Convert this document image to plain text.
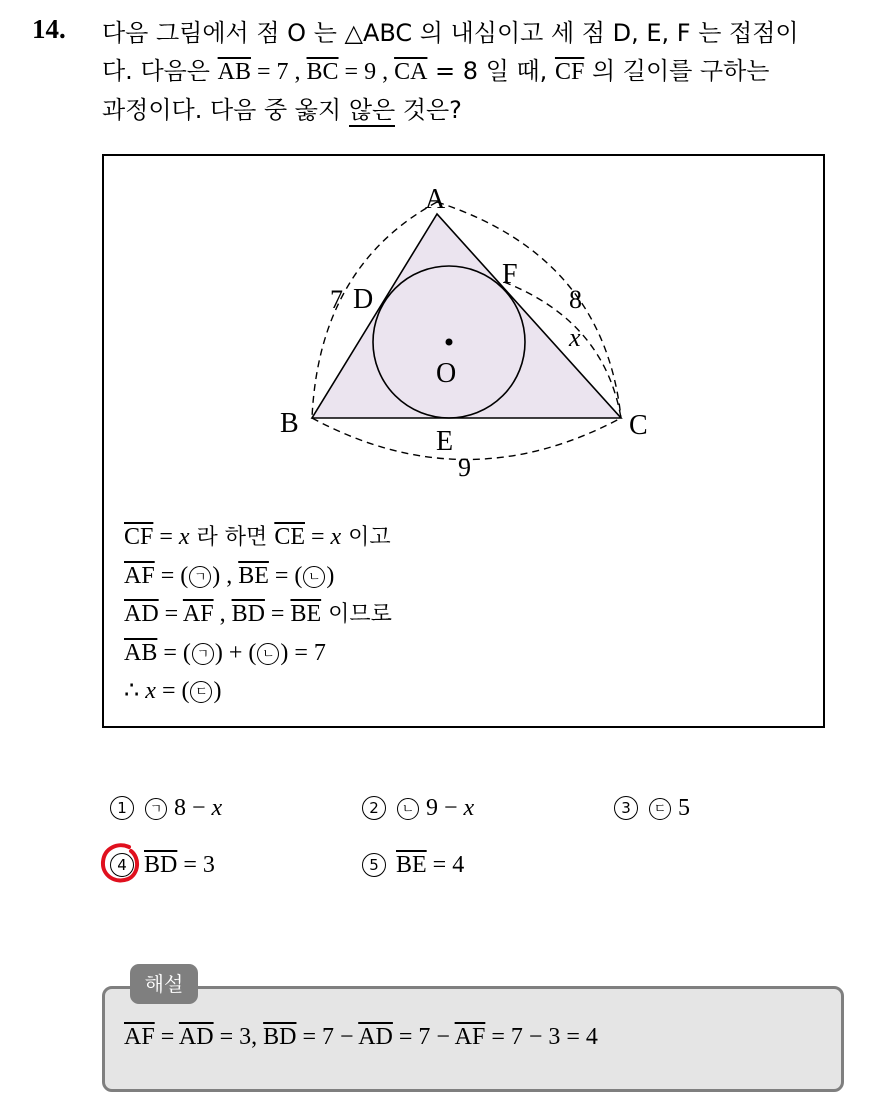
14. 다음 그림에서 점 O 는 △ABC 의 내심이고 세 점 D, E, F 는 접점이
다. 다음은 $\overline{AB} = 7$ , $\overline{BC} = 9$ , $\overline{CA} = 8$ 일 때, $\overline{CF}$ 의 길이를 구하는
과정이다. 다음 중 옳지 않은 것은?
A
B	C
D
E
F
O
7	8
9
x
$\overline{CF} = x$ 라 하면 $\overline{CE} = x$ 이고
$\overline{AF}$ = ( ㄱ ) , $\overline{BE}$ = ( ㄴ )
$\overline{AD} = \overline{AF}$ , $\overline{BD} = \overline{BE}$ 이므로
$\overline{AB}$ = ( ㄱ ) + ( ㄴ ) = 7
∴ x = ( ㄷ )
1 ㄱ 8 − x	2 ㄴ 9 − x	3 ㄷ 5
4 $\overline{BD} = 3$	5 $\overline{BE} = 4$
해설
$\overline{AF} = \overline{AD} = 3$, $\overline{BD} = 7 - \overline{AD} = 7 - \overline{AF} = 7 - 3 = 4$
